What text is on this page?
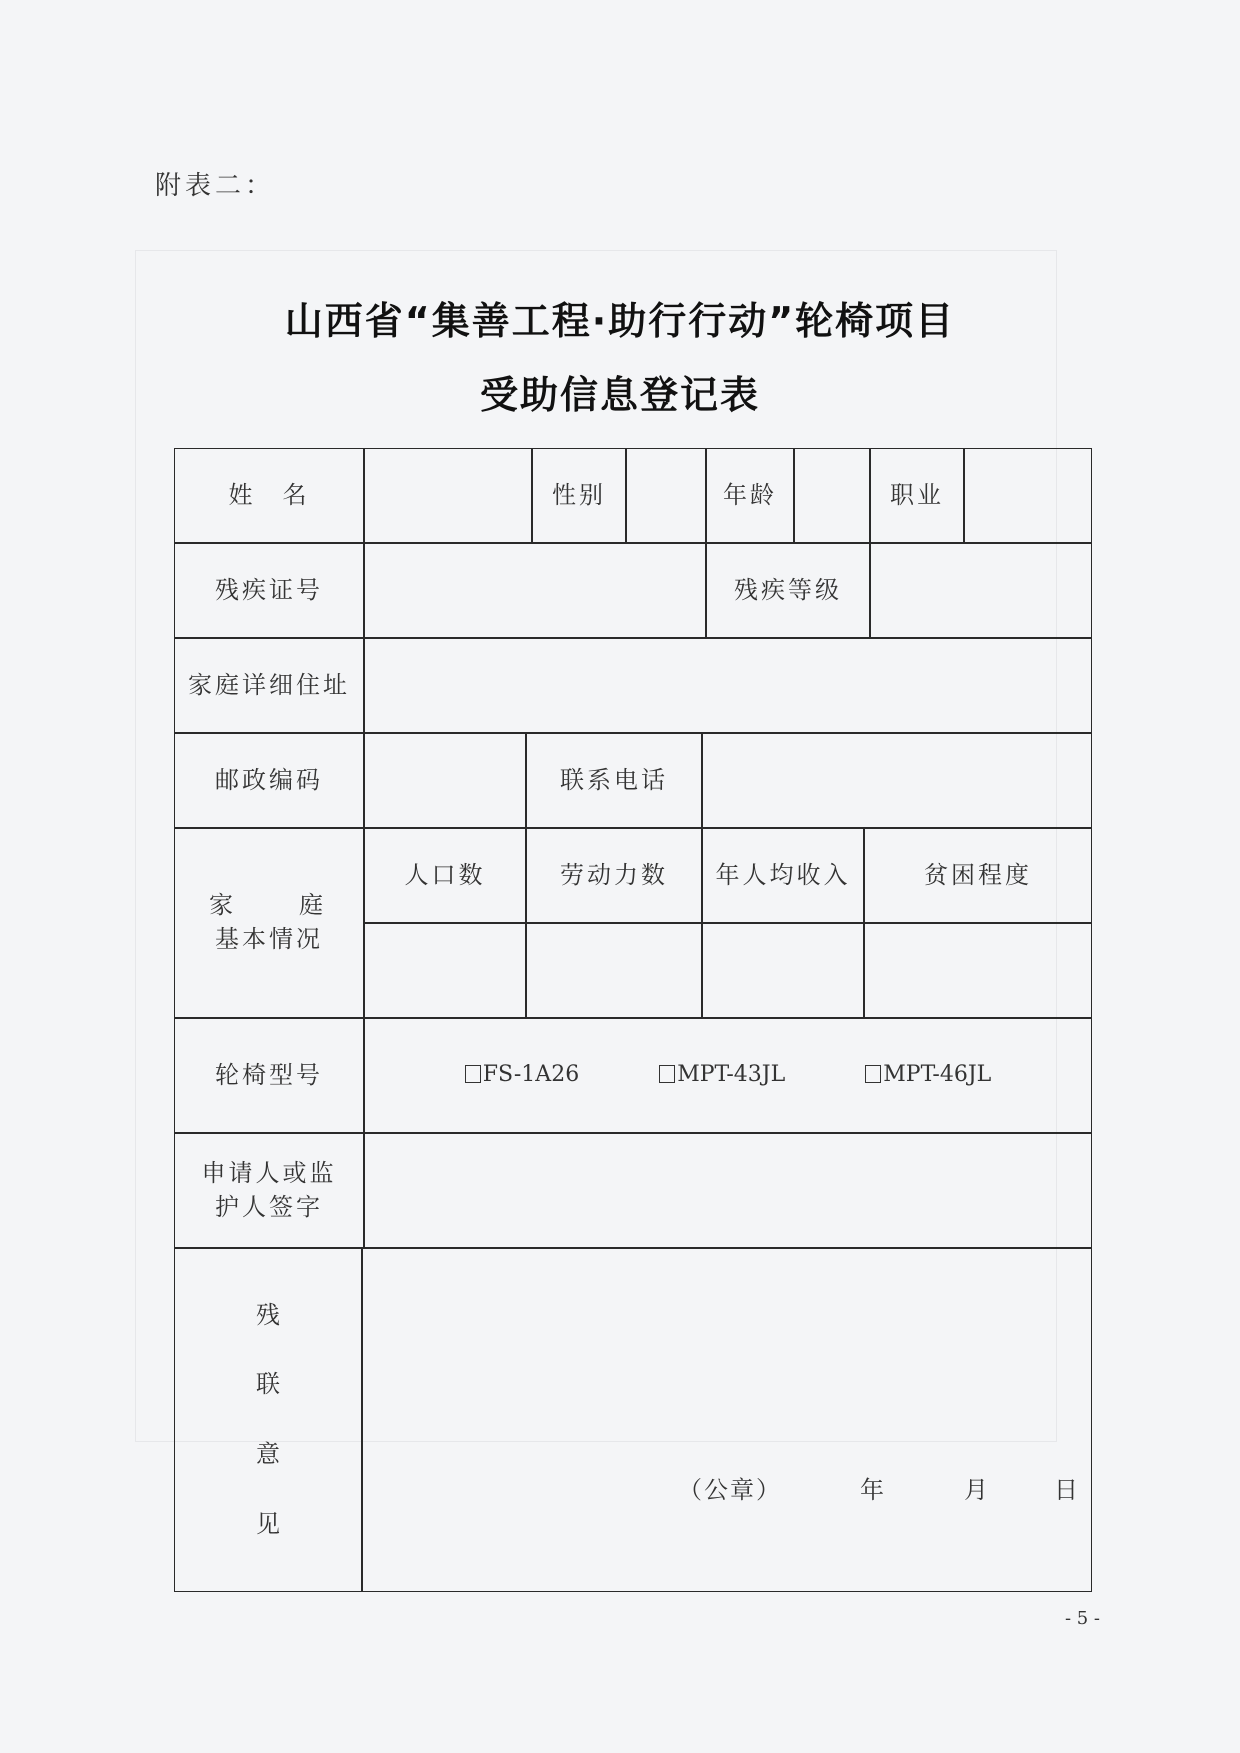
附表二：
山西省“集善工程·助行行动”轮椅项目
受助信息登记表
姓　名	性别	年龄	职业
残疾证号	残疾等级
家庭详细住址
邮政编码	联系电话
家　　庭
基本情况
人口数	劳动力数	年人均收入	贫困程度
轮椅型号	FS-1A26	MPT-43JL	MPT-46JL
申请人或监
护人签字
残
联
意
见
（公章）	年	月	日
- 5 -
